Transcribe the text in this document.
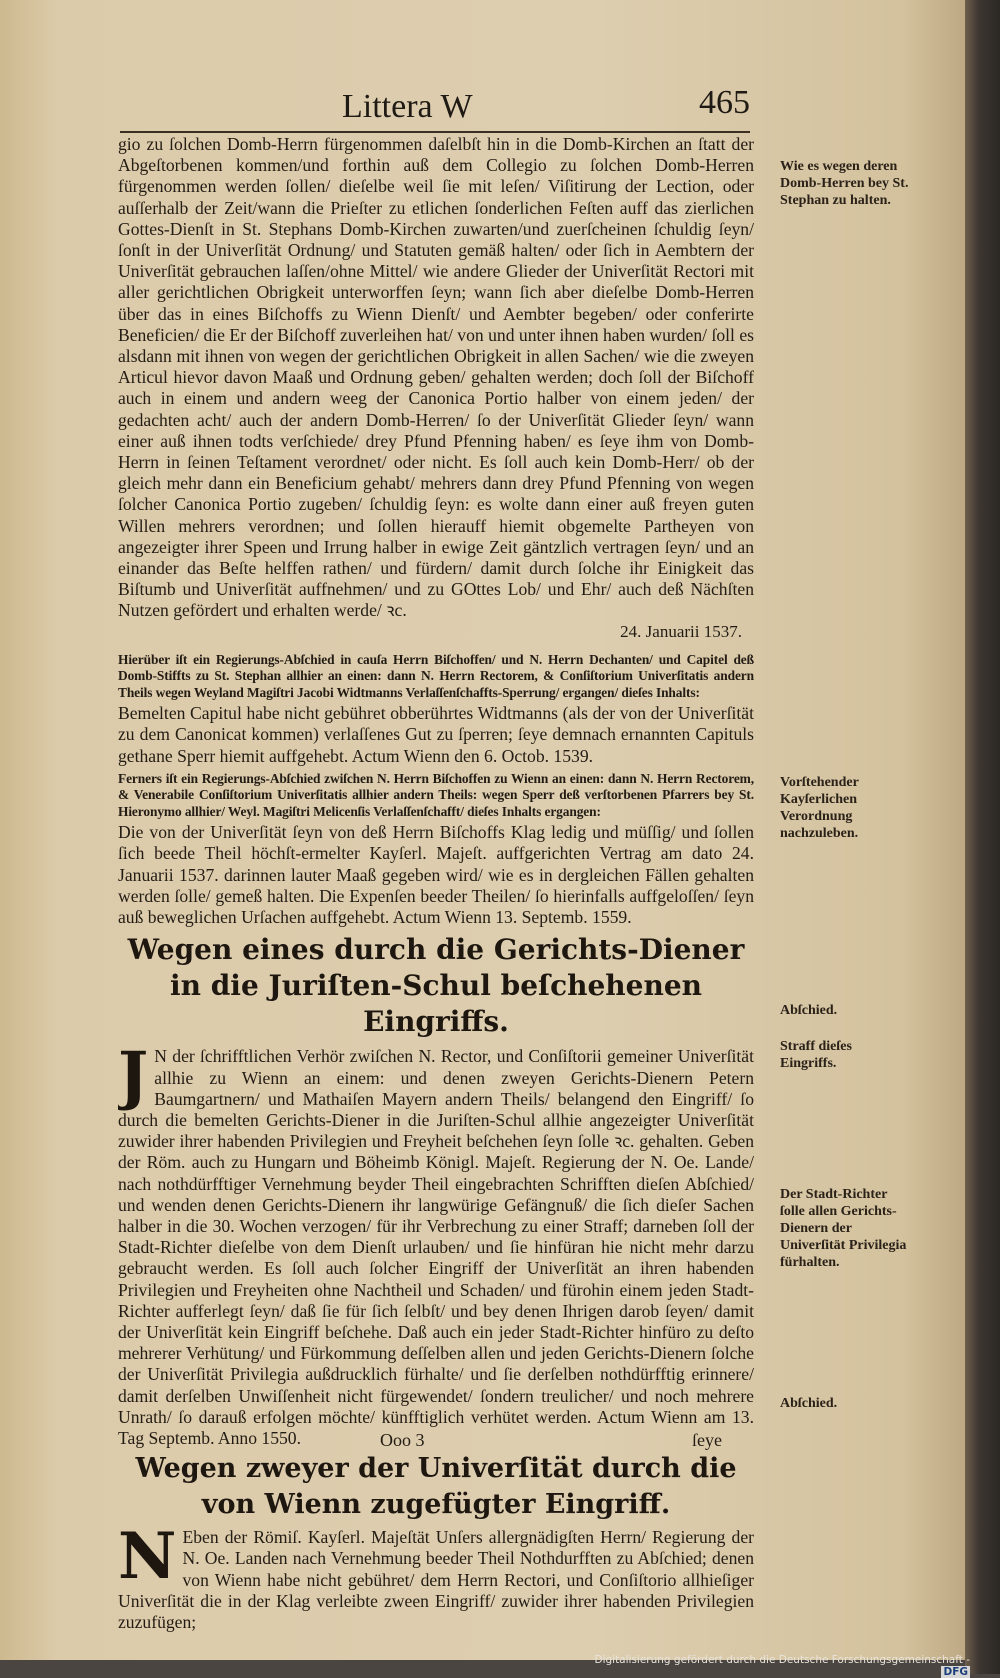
Littera W	465

gio zu ſolchen Domb-Herrn fürgenommen daſelbſt hin in die Domb-Kirchen an ſtatt der Abgeſtorbenen kommen/und forthin auß dem Collegio zu ſolchen Domb-Herren fürgenommen werden ſollen/ dieſelbe weil ſie mit leſen/ Viſitirung der Lection, oder auſſerhalb der Zeit/wann die Prieſter zu etlichen ſonderlichen Feſten auff das zierlichen Gottes-Dienſt in St. Stephans Domb-Kirchen zuwarten/und zuerſcheinen ſchuldig ſeyn/ ſonſt in der Univerſität Ordnung/ und Statuten gemäß halten/ oder ſich in Aembtern der Univerſität gebrauchen laſſen/ohne Mittel/ wie andere Glieder der Univerſität Rectori mit aller gerichtlichen Obrigkeit unterworffen ſeyn; wann ſich aber dieſelbe Domb-Herren über das in eines Biſchoffs zu Wienn Dienſt/ und Aembter begeben/ oder conferirte Beneficien/ die Er der Biſchoff zuverleihen hat/ von und unter ihnen haben wurden/ ſoll es alsdann mit ihnen von wegen der gerichtlichen Obrigkeit in allen Sachen/ wie die zweyen Articul hievor davon Maaß und Ordnung geben/ gehalten werden; doch ſoll der Biſchoff auch in einem und andern weeg der Canonica Portio halber von einem jeden/ der gedachten acht/ auch der andern Domb-Herren/ ſo der Univerſität Glieder ſeyn/ wann einer auß ihnen todts verſchiede/ drey Pfund Pfenning haben/ es ſeye ihm von Domb-Herrn in ſeinen Teſtament verordnet/ oder nicht. Es ſoll auch kein Domb-Herr/ ob der gleich mehr dann ein Beneficium gehabt/ mehrers dann drey Pfund Pfenning von wegen ſolcher Canonica Portio zugeben/ ſchuldig ſeyn: es wolte dann einer auß freyen guten Willen mehrers verordnen; und ſollen hierauff hiemit obgemelte Partheyen von angezeigter ihrer Speen und Irrung halber in ewige Zeit gäntzlich vertragen ſeyn/ und an einander das Beſte helffen rathen/ und fürdern/ damit durch ſolche ihr Einigkeit das Biſtumb und Univerſität auffnehmen/ und zu GOttes Lob/ und Ehr/ auch deß Nächſten Nutzen gefördert und erhalten werde/ ꝛc.

24. Januarii 1537.

Hierüber iſt ein Regierungs-Abſchied in cauſa Herrn Biſchoffen/ und N. Herrn Dechanten/ und Capitel deß Domb-Stiffts zu St. Stephan allhier an einen: dann N. Herrn Rectorem, & Conſiſtorium Univerſitatis andern Theils wegen Weyland Magiſtri Jacobi Widtmanns Verlaſſenſchaffts-Sperrung/ ergangen/ dieſes Inhalts:

Bemelten Capitul habe nicht gebühret obberührtes Widtmanns (als der von der Univerſität zu dem Canonicat kommen) verlaſſenes Gut zu ſperren; ſeye demnach ernannten Capituls gethane Sperr hiemit auffgehebt. Actum Wienn den 6. Octob. 1539.

Ferners iſt ein Regierungs-Abſchied zwiſchen N. Herrn Biſchoffen zu Wienn an einen: dann N. Herrn Rectorem, & Venerabile Conſiſtorium Univerſitatis allhier andern Theils: wegen Sperr deß verſtorbenen Pfarrers bey St. Hieronymo allhier/ Weyl. Magiſtri Melicenſis Verlaſſenſchafft/ dieſes Inhalts ergangen:

Die von der Univerſität ſeyn von deß Herrn Biſchoffs Klag ledig und müſſig/ und ſollen ſich beede Theil höchſt-ermelter Kayſerl. Majeſt. auffgerichten Vertrag am dato 24. Januarii 1537. darinnen lauter Maaß gegeben wird/ wie es in dergleichen Fällen gehalten werden ſolle/ gemeß halten. Die Expenſen beeder Theilen/ ſo hierinfalls auffgeloſſen/ ſeyn auß beweglichen Urſachen auffgehebt. Actum Wienn 13. Septemb. 1559.

Wegen eines durch die Gerichts-Diener in die Juriſten-Schul beſchehenen Eingriffs.
J N der ſchrifftlichen Verhör zwiſchen N. Rector, und Conſiſtorii gemeiner Univerſität allhie zu Wienn an einem: und denen zweyen Gerichts-Dienern Petern Baumgartnern/ und Mathaiſen Mayern andern Theils/ belangend den Eingriff/ ſo durch die bemelten Gerichts-Diener in die Juriſten-Schul allhie angezeigter Univerſität zuwider ihrer habenden Privilegien und Freyheit beſchehen ſeyn ſolle ꝛc. gehalten. Geben der Röm. auch zu Hungarn und Böheimb Königl. Majeſt. Regierung der N. Oe. Lande/ nach nothdürfftiger Vernehmung beyder Theil eingebrachten Schrifften dieſen Abſchied/ und wenden denen Gerichts-Dienern ihr langwürige Gefängnuß/ die ſich dieſer Sachen halber in die 30. Wochen verzogen/ für ihr Verbrechung zu einer Straff; darneben ſoll der Stadt-Richter dieſelbe von dem Dienſt urlauben/ und ſie hinfüran hie nicht mehr darzu gebraucht werden. Es ſoll auch ſolcher Eingriff der Univerſität an ihren habenden Privilegien und Freyheiten ohne Nachtheil und Schaden/ und fürohin einem jeden Stadt-Richter aufferlegt ſeyn/ daß ſie für ſich ſelbſt/ und bey denen Ihrigen darob ſeyen/ damit der Univerſität kein Eingriff beſchehe. Daß auch ein jeder Stadt-Richter hinfüro zu deſto mehrerer Verhütung/ und Fürkommung deſſelben allen und jeden Gerichts-Dienern ſolche der Univerſität Privilegia außdrucklich fürhalte/ und ſie derſelben nothdürfftig erinnere/ damit derſelben Unwiſſenheit nicht fürgewendet/ ſondern treulicher/ und noch mehrere Unrath/ ſo darauß erfolgen möchte/ künfftiglich verhütet werden. Actum Wienn am 13. Tag Septemb. Anno 1550.

Wegen zweyer der Univerſität durch die von Wienn zugefügter Eingriff.
N Eben der Römiſ. Kayſerl. Majeſtät Unſers allergnädigſten Herrn/ Regierung der N. Oe. Landen nach Vernehmung beeder Theil Nothdurfften zu Abſchied; denen von Wienn habe nicht gebühret/ dem Herrn Rectori, und Conſiſtorio allhieſiger Univerſität die in der Klag verleibte zween Eingriff/ zuwider ihrer habenden Privilegien zuzufügen;

Wie es wegen deren Domb-Herren bey St. Stephan zu halten.
Vorſtehender Kayſerlichen Verordnung nachzuleben.
Abſchied.
Straff dieſes Eingriffs.
Der Stadt-Richter ſolle allen Gerichts-Dienern der Univerſität Privilegia fürhalten.
Abſchied.
Ooo 3	ſeye
Digitalisierung gefördert durch die Deutsche Forschungsgemeinschaft -DFG
